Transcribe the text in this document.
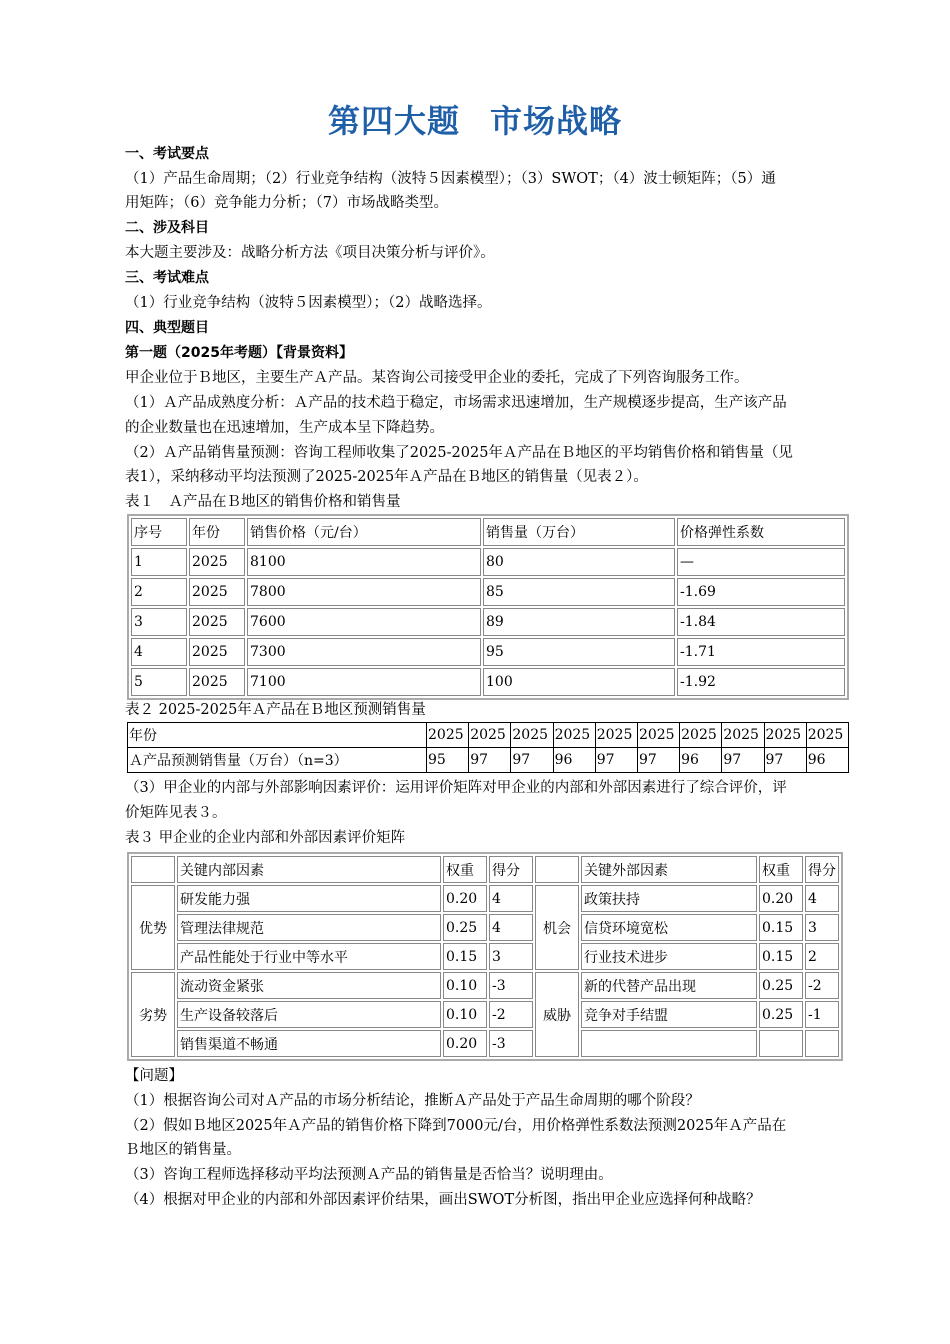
第四大题 市场战略
一、考试要点
（1）产品生命周期；（2）行业竞争结构（波特５因素模型）；（3）SWOT；（4）波士顿矩阵；（5）通
用矩阵；（6）竞争能力分析；（7）市场战略类型。
二、涉及科目
本大题主要涉及：战略分析方法《项目决策分析与评价》。
三、考试难点
（1）行业竞争结构（波特５因素模型）；（2）战略选择。
四、典型题目
第一题（2025年考题）【背景资料】
甲企业位于Ｂ地区，主要生产Ａ产品。某咨询公司接受甲企业的委托，完成了下列咨询服务工作。
（1）Ａ产品成熟度分析：Ａ产品的技术趋于稳定，市场需求迅速增加，生产规模逐步提高，生产该产品
的企业数量也在迅速增加，生产成本呈下降趋势。
（2）Ａ产品销售量预测：咨询工程师收集了2025-2025年Ａ产品在Ｂ地区的平均销售价格和销售量（见
表1），采纳移动平均法预测了2025-2025年Ａ产品在Ｂ地区的销售量（见表２）。
表１　Ａ产品在Ｂ地区的销售价格和销售量
序号	年份	销售价格（元/台）	销售量（万台）	价格弹性系数
1	2025	8100	80	—
2	2025	7800	85	-1.69
3	2025	7600	89	-1.84
4	2025	7300	95	-1.71
5	2025	7100	100	-1.92
表２ 2025-2025年Ａ产品在Ｂ地区预测销售量
年份	2025	2025	2025	2025	2025	2025	2025	2025	2025	2025
Ａ产品预测销售量（万台）（n=3）	95	97	97	96	97	97	96	97	97	96
（3）甲企业的内部与外部影响因素评价：运用评价矩阵对甲企业的内部和外部因素进行了综合评价，评
价矩阵见表３。
表３ 甲企业的企业内部和外部因素评价矩阵
	关键内部因素	权重	得分		关键外部因素	权重	得分
优势	研发能力强	0.20	4	机会	政策扶持	0.20	4
	管理法律规范	0.25	4		信贷环境宽松	0.15	3
	产品性能处于行业中等水平	0.15	3		行业技术进步	0.15	2
劣势	流动资金紧张	0.10	-3	威胁	新的代替产品出现	0.25	-2
	生产设备较落后	0.10	-2		竞争对手结盟	0.25	-1
	销售渠道不畅通	0.20	-3				
【问题】
（1）根据咨询公司对Ａ产品的市场分析结论，推断Ａ产品处于产品生命周期的哪个阶段？
（2）假如Ｂ地区2025年Ａ产品的销售价格下降到7000元/台，用价格弹性系数法预测2025年Ａ产品在
Ｂ地区的销售量。
（3）咨询工程师选择移动平均法预测Ａ产品的销售量是否恰当？说明理由。
（4）根据对甲企业的内部和外部因素评价结果，画出SWOT分析图，指出甲企业应选择何种战略？
